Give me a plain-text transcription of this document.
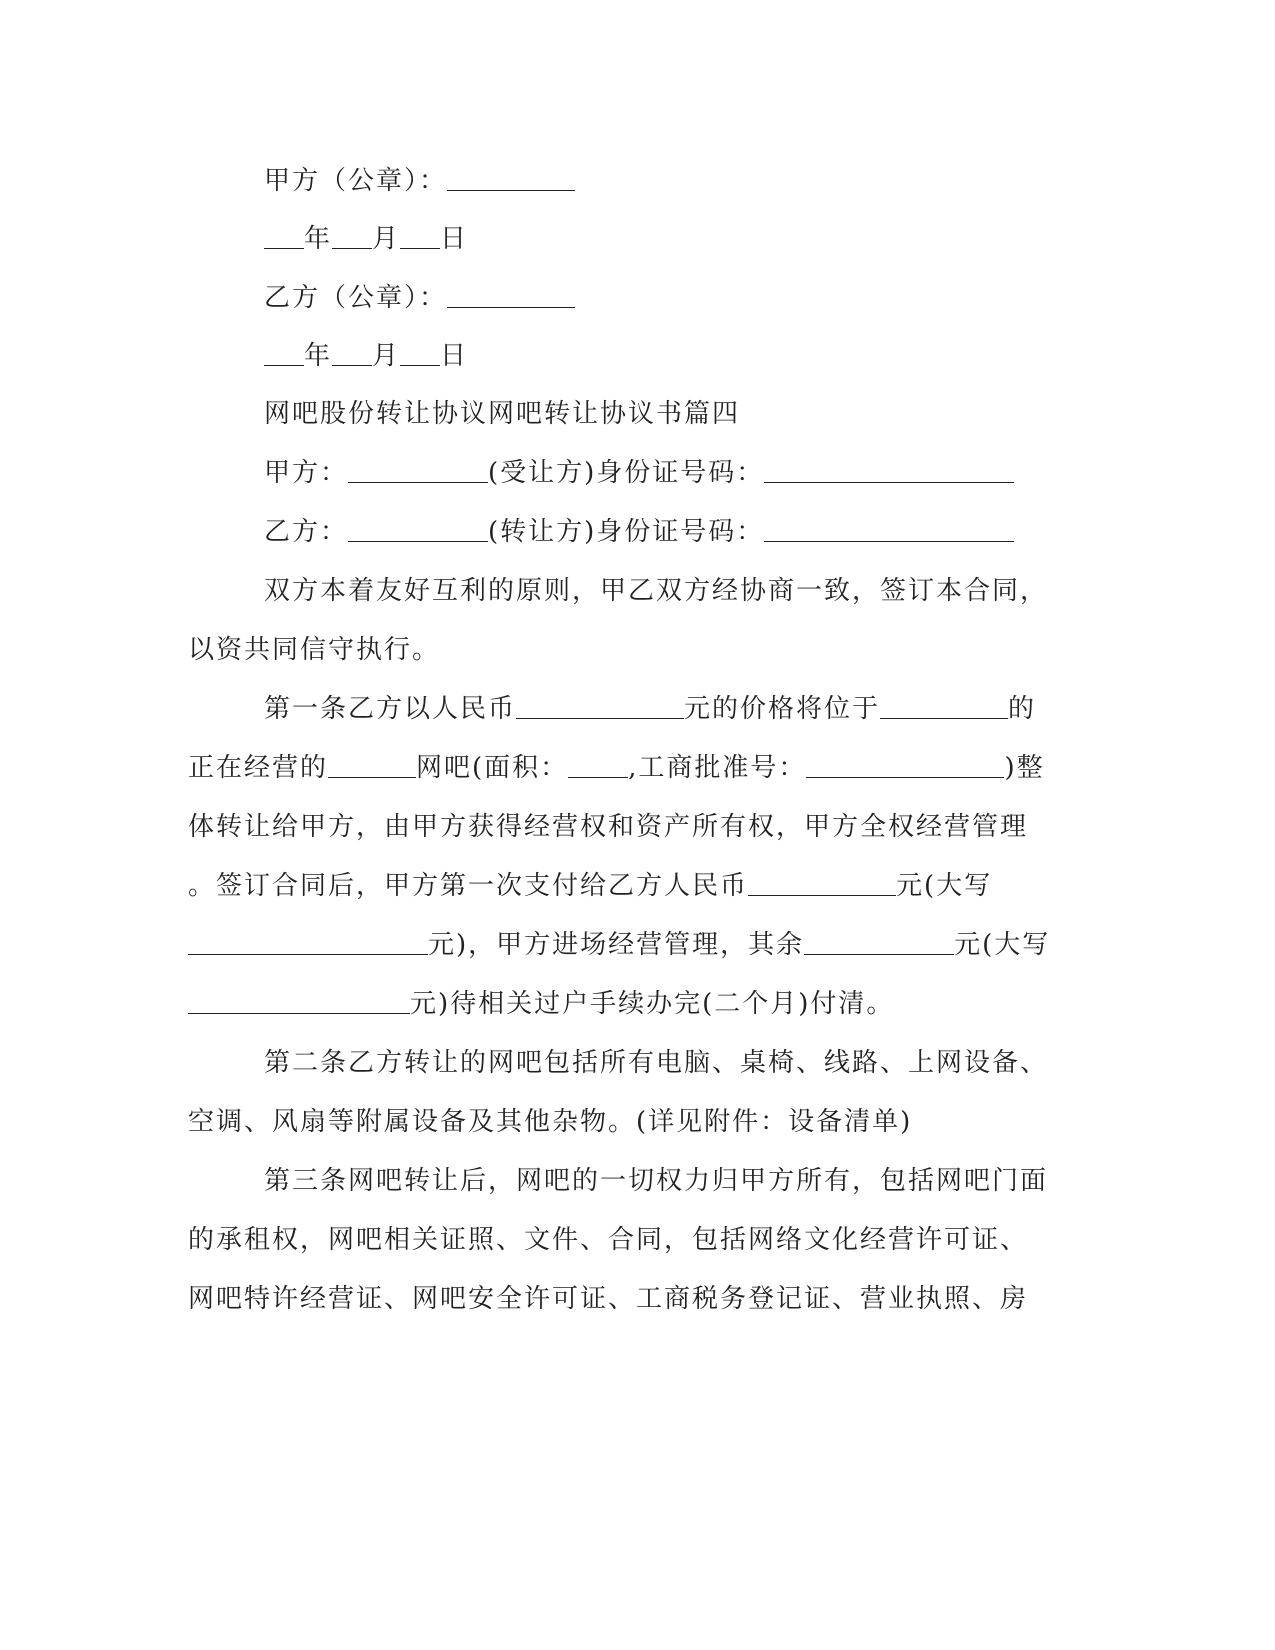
甲方（公章）：
年 月 日
乙方（公章）：
年 月 日
网吧股份转让协议网吧转让协议书篇四
甲方：	(受让方)身份证号码：
乙方：	(转让方)身份证号码：
双方本着友好互利的原则，甲乙双方经协商一致，签订本合同，
以资共同信守执行。
第一条乙方以人民币	元的价格将位于	的
正在经营的	网吧(面积： ,工商批准号：	)整
体转让给甲方，由甲方获得经营权和资产所有权，甲方全权经营管理
。签订合同后，甲方第一次支付给乙方人民币	元(大写
元)，甲方进场经营管理，其余	元(大写
元)待相关过户手续办完(二个月)付清。
第二条乙方转让的网吧包括所有电脑、桌椅、线路、上网设备、
空调、风扇等附属设备及其他杂物。(详见附件：设备清单)
第三条网吧转让后，网吧的一切权力归甲方所有，包括网吧门面
的承租权，网吧相关证照、文件、合同，包括网络文化经营许可证、
网吧特许经营证、网吧安全许可证、工商税务登记证、营业执照、房
